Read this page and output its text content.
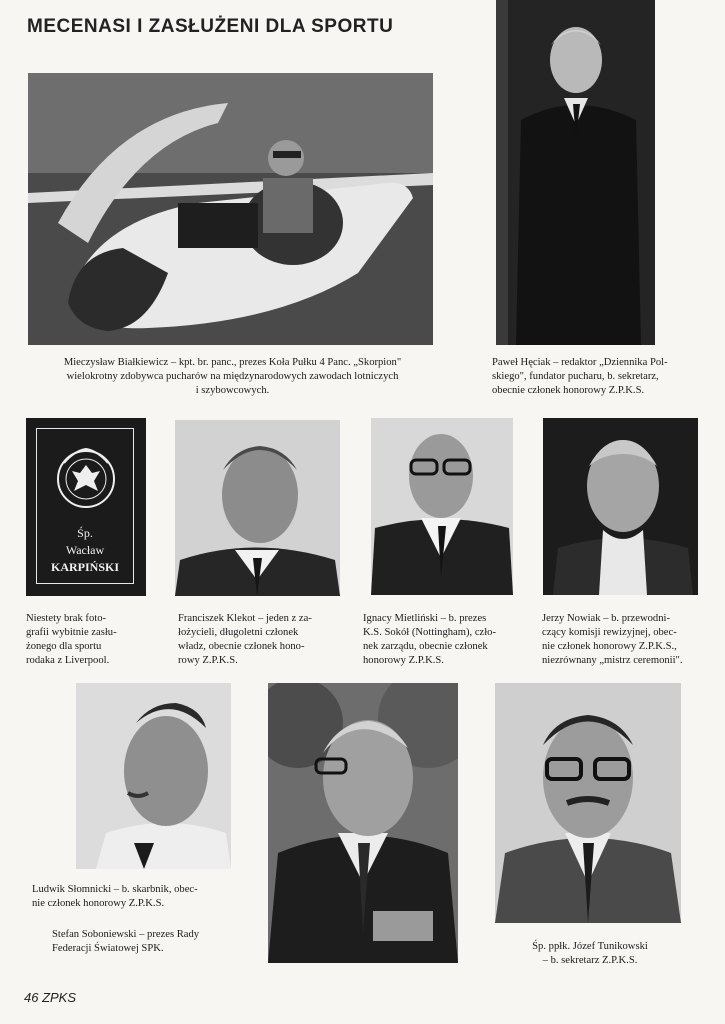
MECENASI I ZASŁUŻENI DLA SPORTU
Mieczysław Białkiewicz – kpt. br. panc., prezes Koła Pułku 4 Panc. „Skorpion"
wielokrotny zdobywca pucharów na międzynarodowych zawodach lotniczych
i szybowcowych.
Paweł Hęciak – redaktor „Dziennika Pol-
skiego", fundator pucharu, b. sekretarz,
obecnie członek honorowy Z.P.K.S.
Śp.
Wacław
KARPIŃSKI
Niestety brak foto-
grafii wybitnie zasłu-
żonego dla sportu
rodaka z Liverpool.
Franciszek Klekot – jeden z za-
łożycieli, długoletni członek
władz, obecnie członek hono-
rowy Z.P.K.S.
Ignacy Mietliński – b. prezes
K.S. Sokół (Nottingham), czło-
nek zarządu, obecnie członek
honorowy Z.P.K.S.
Jerzy Nowiak – b. przewodni-
czący komisji rewizyjnej, obec-
nie członek honorowy Z.P.K.S.,
niezrównany „mistrz ceremonii".
Ludwik Słomnicki – b. skarbnik, obec-
nie członek honorowy Z.P.K.S.
Stefan Soboniewski – prezes Rady
Federacji Światowej SPK.	Śp. ppłk. Józef Tunikowski
– b. sekretarz Z.P.K.S.
46 ZPKS
